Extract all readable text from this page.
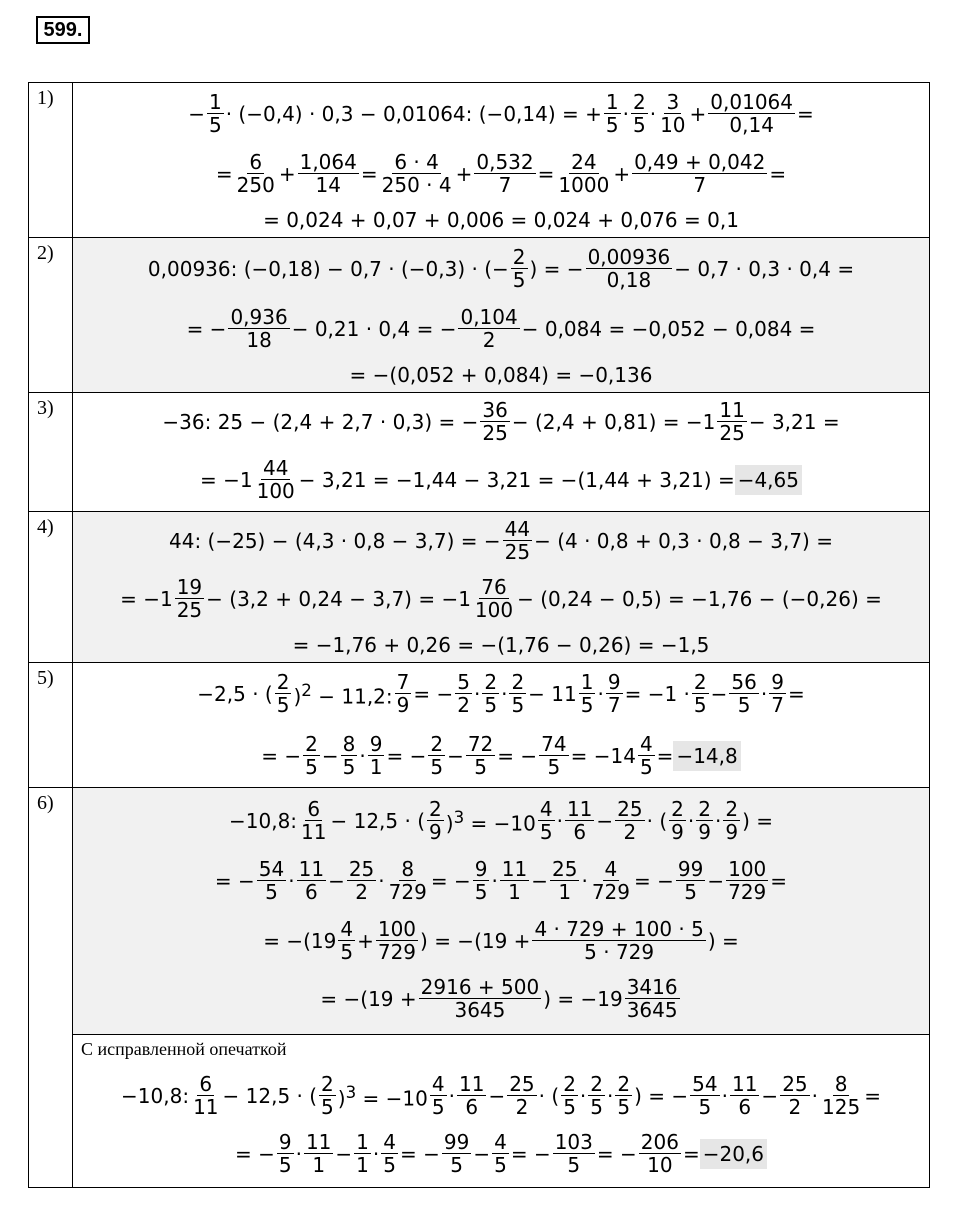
599.
1)
− $\frac{1}{5} \cdot (-0,4) \cdot 0,3 - 0,01064$: (−0,14) = + $\frac{1}{5} \cdot \frac{2}{5} \cdot \frac{3}{10} + \frac{0,01064}{0,14}$ =
= $\frac{6}{250} + \frac{1,064}{14} = \frac{6 \cdot 4}{250 \cdot 4} + \frac{0,532}{7} = \frac{24}{1000} + \frac{0,49 + 0,042}{7}$ =
= 0,024 + 0,07 + 0,006 = 0,024 + 0,076 = 0,1
2)
0,00936: (−0,18) − 0,7 · (−0,3) · (− $\frac{2}{5}$ ) = − $\frac{0,00936}{0,18} - 0,7 \cdot 0,3 \cdot 0,4$ =
= − $\frac{0,936}{18} - 0,21 \cdot 0,4$ = − $\frac{0,104}{2} - 0,084 = -0,052 - 0,084$ =
= −(0,052 + 0,084) = −0,136
3)
−36: 25 − (2,4 + 2,7 · 0,3) = − $\frac{36}{25} - (2,4 + 0,81) = -1 \frac{11}{25} - 3,21$ =
= $-1 \frac{44}{100} - 3,21 = -1,44 - 3,21 = -(1,44 + 3,21) =-4,65$
4)
44: (−25) − (4,3 · 0,8 − 3,7) = − $\frac{44}{25} - (4 \cdot 0,8 + 0,3 \cdot 0,8 - 3,7)$ =
= $-1 \frac{19}{25} - (3,2 + 0,24 - 3,7) = -1 \frac{76}{100} - (0,24 - 0,5) = -1,76 - (-0,26)$ =
= −1,76 + 0,26 = −(1,76 − 0,26) = −1,5
5)
−2,5 · ( $\frac{2}{5} )^2 - 11,2$: $\frac{7}{9}$ = − $\frac{5}{2} \cdot \frac{2}{5} \cdot \frac{2}{5} - 11 \frac{1}{5} \cdot \frac{9}{7} = -1 \cdot \frac{2}{5} - \frac{56}{5} \cdot \frac{9}{7}$ =
= − $\frac{2}{5} - \frac{8}{5} \cdot \frac{9}{1}$ = − $\frac{2}{5} - \frac{72}{5}$ = − $\frac{74}{5} = -14 \frac{4}{5} =-14,8$
6)
−10,8: $\frac{6}{11} - 12,5$ · ( $\frac{2}{9} )^3 = -10 \frac{4}{5} \cdot \frac{11}{6} - \frac{25}{2}$ · ( $\frac{2}{9} \cdot \frac{2}{9} \cdot \frac{2}{9}$ ) =
= − $\frac{54}{5} \cdot \frac{11}{6} - \frac{25}{2} \cdot \frac{8}{729}$ = − $\frac{9}{5} \cdot \frac{11}{1} - \frac{25}{1} \cdot \frac{4}{729}$ = − $\frac{99}{5} - \frac{100}{729}$ =
= $-(19 \frac{4}{5} + \frac{100}{729}$ ) = $-(19 + \frac{4 \cdot 729 + 100 \cdot 5}{5 \cdot 729}$ ) =
= $-(19 + \frac{2916 + 500}{3645}$ ) = $-19 \frac{3416}{3645}$
С исправленной опечаткой
−10,8: $\frac{6}{11} - 12,5$ · ( $\frac{2}{5} )^3 = -10 \frac{4}{5} \cdot \frac{11}{6} - \frac{25}{2}$ · ( $\frac{2}{5} \cdot \frac{2}{5} \cdot \frac{2}{5}$ ) = − $\frac{54}{5} \cdot \frac{11}{6} - \frac{25}{2} \cdot \frac{8}{125}$ =
= − $\frac{9}{5} \cdot \frac{11}{1} - \frac{1}{1} \cdot \frac{4}{5}$ = − $\frac{99}{5} - \frac{4}{5}$ = − $\frac{103}{5}$ = − $\frac{206}{10} =-20,6$
